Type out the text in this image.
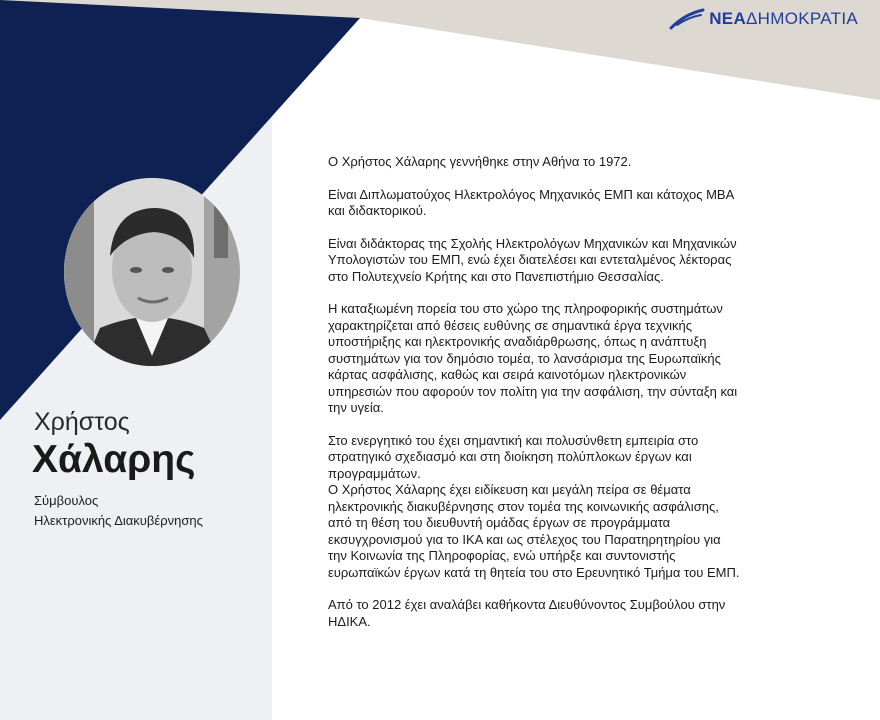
ΝΕΑΔΗΜΟΚΡΑΤΙΑ
Χρήστος
Χάλαρης
Σύμβουλος
Ηλεκτρονικής Διακυβέρνησης

Ο Χρήστος Χάλαρης γεννήθηκε στην Αθήνα το 1972.

Είναι Διπλωματούχος Ηλεκτρολόγος Μηχανικός ΕΜΠ και κάτοχος ΜΒΑ
και διδακτορικού.

Είναι διδάκτορας της Σχολής Ηλεκτρολόγων Μηχανικών και Μηχανικών
Υπολογιστών του ΕΜΠ, ενώ έχει διατελέσει και εντεταλμένος λέκτορας
στο Πολυτεχνείο Κρήτης και στο Πανεπιστήμιο Θεσσαλίας.

Η καταξιωμένη πορεία του στο χώρο της πληροφορικής συστημάτων
χαρακτηρίζεται από θέσεις ευθύνης σε σημαντικά έργα τεχνικής
υποστήριξης και ηλεκτρονικής αναδιάρθρωσης, όπως η ανάπτυξη
συστημάτων για τον δημόσιο τομέα, το λανσάρισμα της Ευρωπαϊκής
κάρτας ασφάλισης, καθώς και σειρά καινοτόμων ηλεκτρονικών
υπηρεσιών που αφορούν τον πολίτη για την ασφάλιση, την σύνταξη και
την υγεία.

Στο ενεργητικό του έχει σημαντική και πολυσύνθετη εμπειρία στο
στρατηγικό σχεδιασμό και στη διοίκηση πολύπλοκων έργων και
προγραμμάτων.
Ο Χρήστος Χάλαρης έχει ειδίκευση και μεγάλη πείρα σε θέματα
ηλεκτρονικής διακυβέρνησης στον τομέα της κοινωνικής ασφάλισης,
από τη θέση του διευθυντή ομάδας έργων σε προγράμματα
εκσυγχρονισμού για το ΙΚΑ και ως στέλεχος του Παρατηρητηρίου για
την Κοινωνία της Πληροφορίας, ενώ υπήρξε και συντονιστής
ευρωπαϊκών έργων κατά τη θητεία του στο Ερευνητικό Τμήμα του ΕΜΠ.

Από το 2012 έχει αναλάβει καθήκοντα Διευθύνοντος Συμβούλου στην
ΗΔΙΚΑ.
